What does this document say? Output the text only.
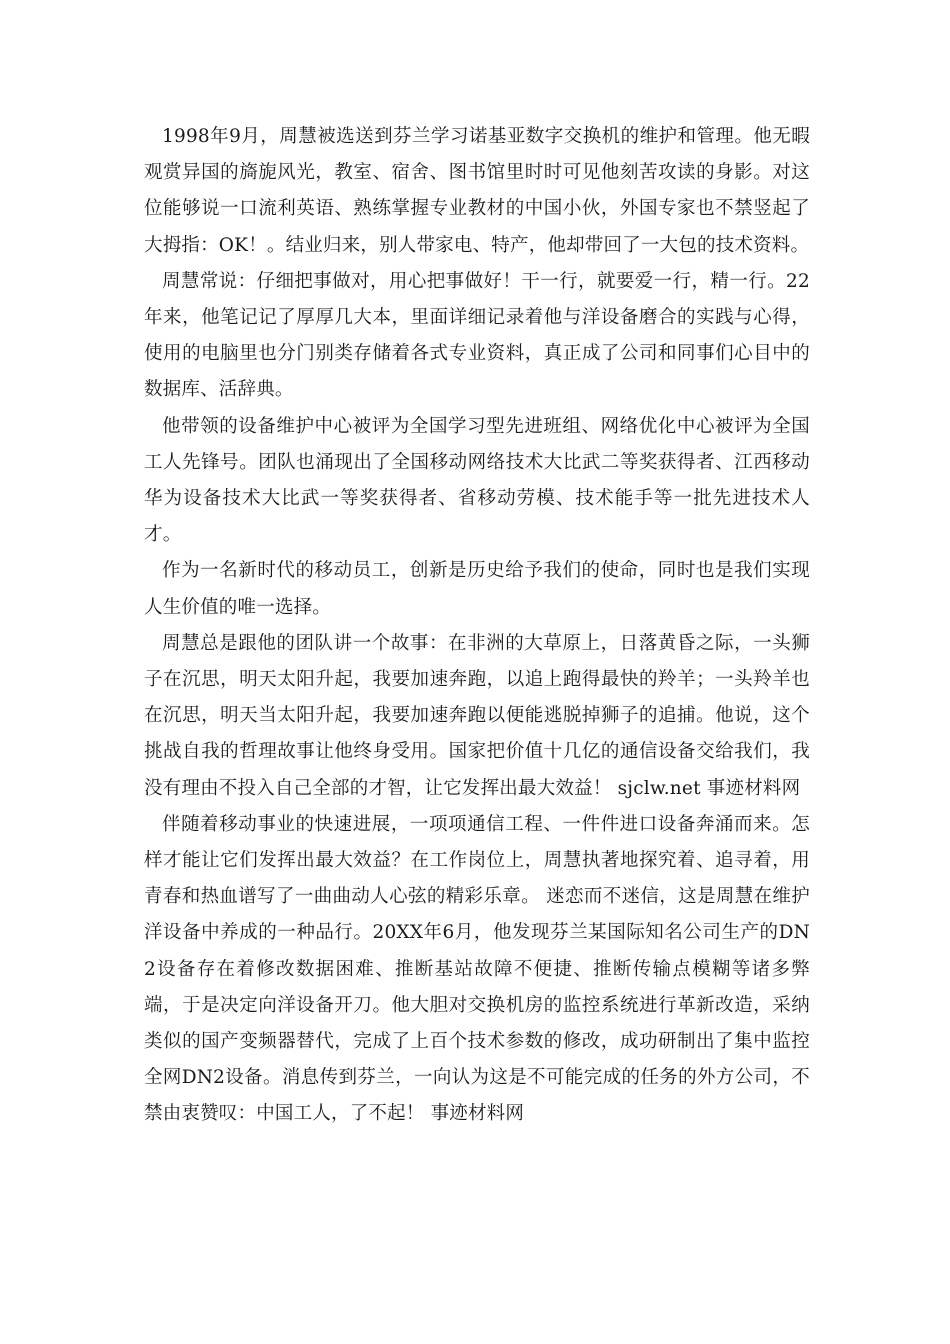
1998年9月，周慧被选送到芬兰学习诺基亚数字交换机的维护和管理。他无暇观赏异国的旖旎风光，教室、宿舍、图书馆里时时可见他刻苦攻读的身影。对这位能够说一口流利英语、熟练掌握专业教材的中国小伙，外国专家也不禁竖起了大拇指：OK！。结业归来，别人带家电、特产，他却带回了一大包的技术资料。

周慧常说：仔细把事做对，用心把事做好！干一行，就要爱一行，精一行。22年来，他笔记记了厚厚几大本，里面详细记录着他与洋设备磨合的实践与心得，使用的电脑里也分门别类存储着各式专业资料，真正成了公司和同事们心目中的数据库、活辞典。

他带领的设备维护中心被评为全国学习型先进班组、网络优化中心被评为全国工人先锋号。团队也涌现出了全国移动网络技术大比武二等奖获得者、江西移动华为设备技术大比武一等奖获得者、省移动劳模、技术能手等一批先进技术人才。

作为一名新时代的移动员工，创新是历史给予我们的使命，同时也是我们实现人生价值的唯一选择。

周慧总是跟他的团队讲一个故事：在非洲的大草原上，日落黄昏之际，一头狮子在沉思，明天太阳升起，我要加速奔跑，以追上跑得最快的羚羊；一头羚羊也在沉思，明天当太阳升起，我要加速奔跑以便能逃脱掉狮子的追捕。他说，这个挑战自我的哲理故事让他终身受用。国家把价值十几亿的通信设备交给我们，我没有理由不投入自己全部的才智，让它发挥出最大效益！ sjclw.net 事迹材料网

伴随着移动事业的快速进展，一项项通信工程、一件件进口设备奔涌而来。怎样才能让它们发挥出最大效益？在工作岗位上，周慧执著地探究着、追寻着，用青春和热血谱写了一曲曲动人心弦的精彩乐章。 迷恋而不迷信，这是周慧在维护洋设备中养成的一种品行。20XX年6月，他发现芬兰某国际知名公司生产的DN2设备存在着修改数据困难、推断基站故障不便捷、推断传输点模糊等诸多弊端，于是决定向洋设备开刀。他大胆对交换机房的监控系统进行革新改造，采纳类似的国产变频器替代，完成了上百个技术参数的修改，成功研制出了集中监控全网DN2设备。消息传到芬兰，一向认为这是不可能完成的任务的外方公司，不禁由衷赞叹：中国工人，了不起！ 事迹材料网
